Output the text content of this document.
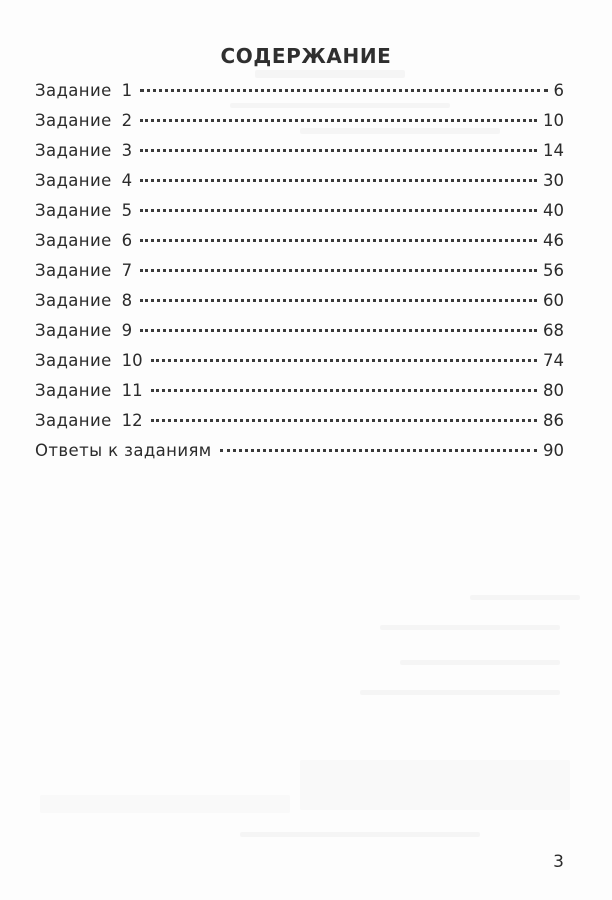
СОДЕРЖАНИЕ
Задание 1	6
Задание 2	10
Задание 3	14
Задание 4	30
Задание 5	40
Задание 6	46
Задание 7	56
Задание 8	60
Задание 9	68
Задание 10	74
Задание 11	80
Задание 12	86
Ответы к заданиям	90
3
